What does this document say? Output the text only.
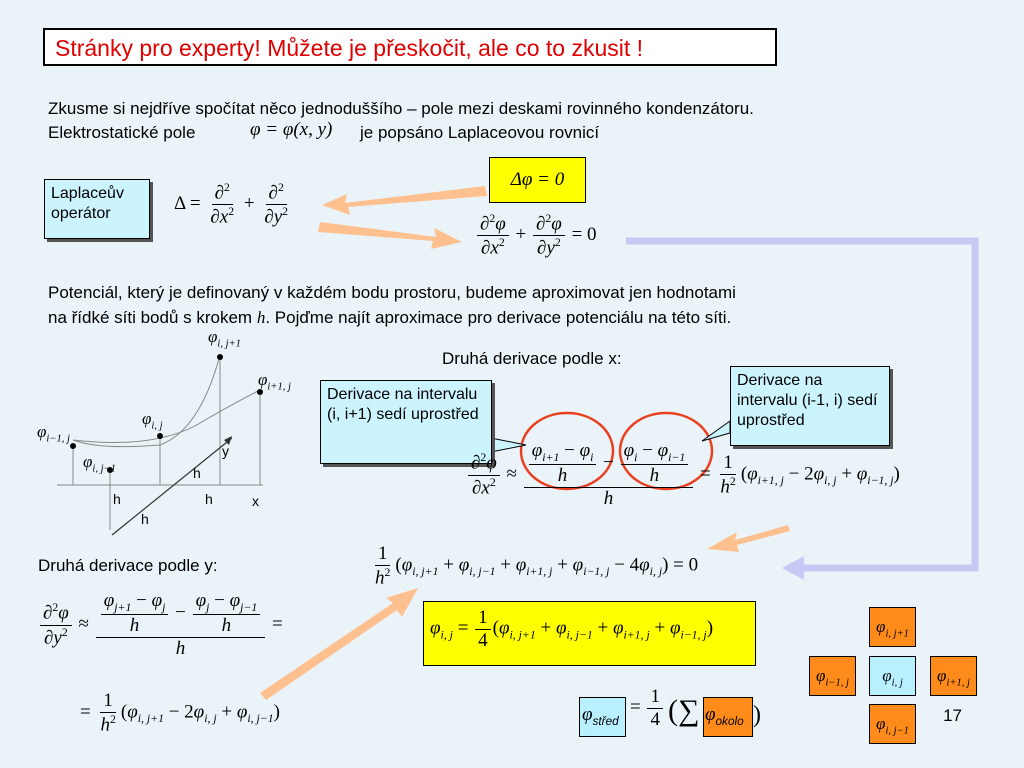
Stránky pro experty! Můžete je přeskočit, ale co to zkusit !
Zkusme si nejdříve spočítat něco jednoduššího – pole mezi deskami rovinného kondenzátoru.
Elektrostatické pole	φ = φ(x, y) je popsáno Laplaceovou rovnicí
Laplaceův operátor	$\Delta = \frac{\partial^2}{\partial x^2} + \frac{\partial^2}{\partial y^2}$
Δφ = 0
$\frac{\partial^2\varphi}{\partial x^2} + \frac{\partial^2\varphi}{\partial y^2} = 0$
Potenciál, který je definovaný v každém bodu prostoru, budeme aproximovat jen hodnotami
na řídké síti bodů s krokem h. Pojďme najít aproximace pro derivace potenciálu na této síti.
$\varphi_{i, j+1}$
$\varphi_{i+1, j}$
$\varphi_{i, j}$
$\varphi_{i-1, j}$
$\varphi_{i, j-1}$
y
x
h
h	h
h
Druhá derivace podle x:
Derivace na intervalu (i, i+1) sedí uprostřed
Derivace na intervalu (i-1, i) sedí uprostřed
$\frac{\partial^2\varphi}{\partial x^2} \approx \frac{\frac{\varphi_{i+1} - \varphi_i}{h} - \frac{\varphi_i - \varphi_{i-1}}{h}}{h} = \frac{1}{h^2} (\varphi_{i+1, j} - 2\varphi_{i, j} + \varphi_{i-1, j})$
Druhá derivace podle y:
$\frac{\partial^2\varphi}{\partial y^2} \approx \frac{\frac{\varphi_{j+1} - \varphi_j}{h} - \frac{\varphi_j - \varphi_{j-1}}{h}}{h}$ =
= $\frac{1}{h^2} (\varphi_{i, j+1} - 2\varphi_{i, j} + \varphi_{i, j-1})$
$\frac{1}{h^2} (\varphi_{i, j+1} + \varphi_{i, j-1} + \varphi_{i+1, j} + \varphi_{i-1, j} - 4\varphi_{i, j}) = 0$
$\varphi_{i, j} = \frac{1}{4} (\varphi_{i, j+1} + \varphi_{i, j-1} + \varphi_{i+1, j} + \varphi_{i-1, j})$
$\varphi_{střed}$
= $\frac{1}{4}$ (∑ $\varphi_{okolo}$ )
$\varphi_{i, j+1}$
$\varphi_{i-1, j}$	$\varphi_{i, j}$	$\varphi_{i+1, j}$
$\varphi_{i, j-1}$
17
